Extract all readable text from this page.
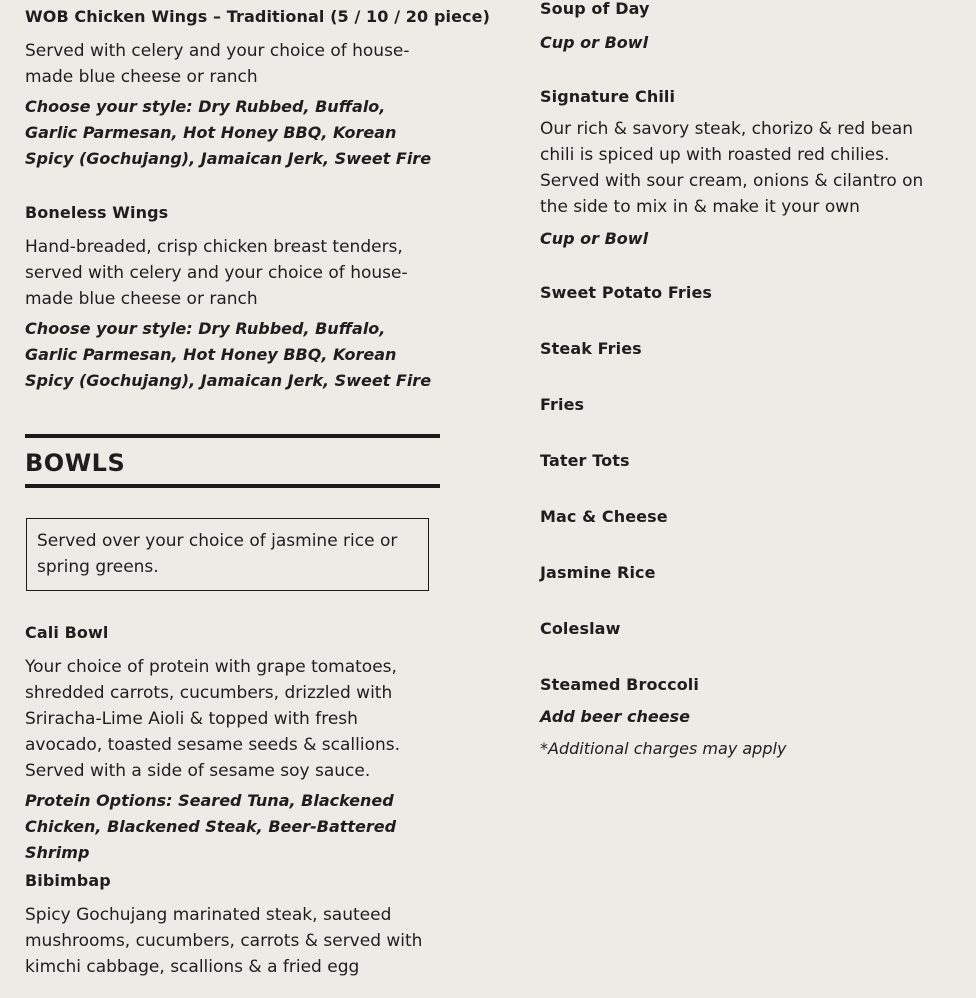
WOB Chicken Wings – Traditional (5 / 10 / 20 piece)

Served with celery and your choice of house-made blue cheese or ranch

Choose your style: Dry Rubbed, Buffalo, Garlic Parmesan, Hot Honey BBQ, Korean Spicy (Gochujang), Jamaican Jerk, Sweet Fire

Boneless Wings

Hand-breaded, crisp chicken breast tenders, served with celery and your choice of house-made blue cheese or ranch

Choose your style: Dry Rubbed, Buffalo, Garlic Parmesan, Hot Honey BBQ, Korean Spicy (Gochujang), Jamaican Jerk, Sweet Fire

BOWLS

Served over your choice of jasmine rice or spring greens.

Cali Bowl

Your choice of protein with grape tomatoes, shredded carrots, cucumbers, drizzled with Sriracha-Lime Aioli & topped with fresh avocado, toasted sesame seeds & scallions. Served with a side of sesame soy sauce.

Protein Options: Seared Tuna, Blackened Chicken, Blackened Steak, Beer-Battered Shrimp

Bibimbap

Spicy Gochujang marinated steak, sauteed mushrooms, cucumbers, carrots & served with kimchi cabbage, scallions & a fried egg

Soup of Day

Cup or Bowl

Signature Chili

Our rich & savory steak, chorizo & red bean chili is spiced up with roasted red chilies. Served with sour cream, onions & cilantro on the side to mix in & make it your own

Cup or Bowl

Sweet Potato Fries
Steak Fries
Fries
Tater Tots
Mac & Cheese
Jasmine Rice
Coleslaw
Steamed Broccoli

Add beer cheese

*Additional charges may apply
